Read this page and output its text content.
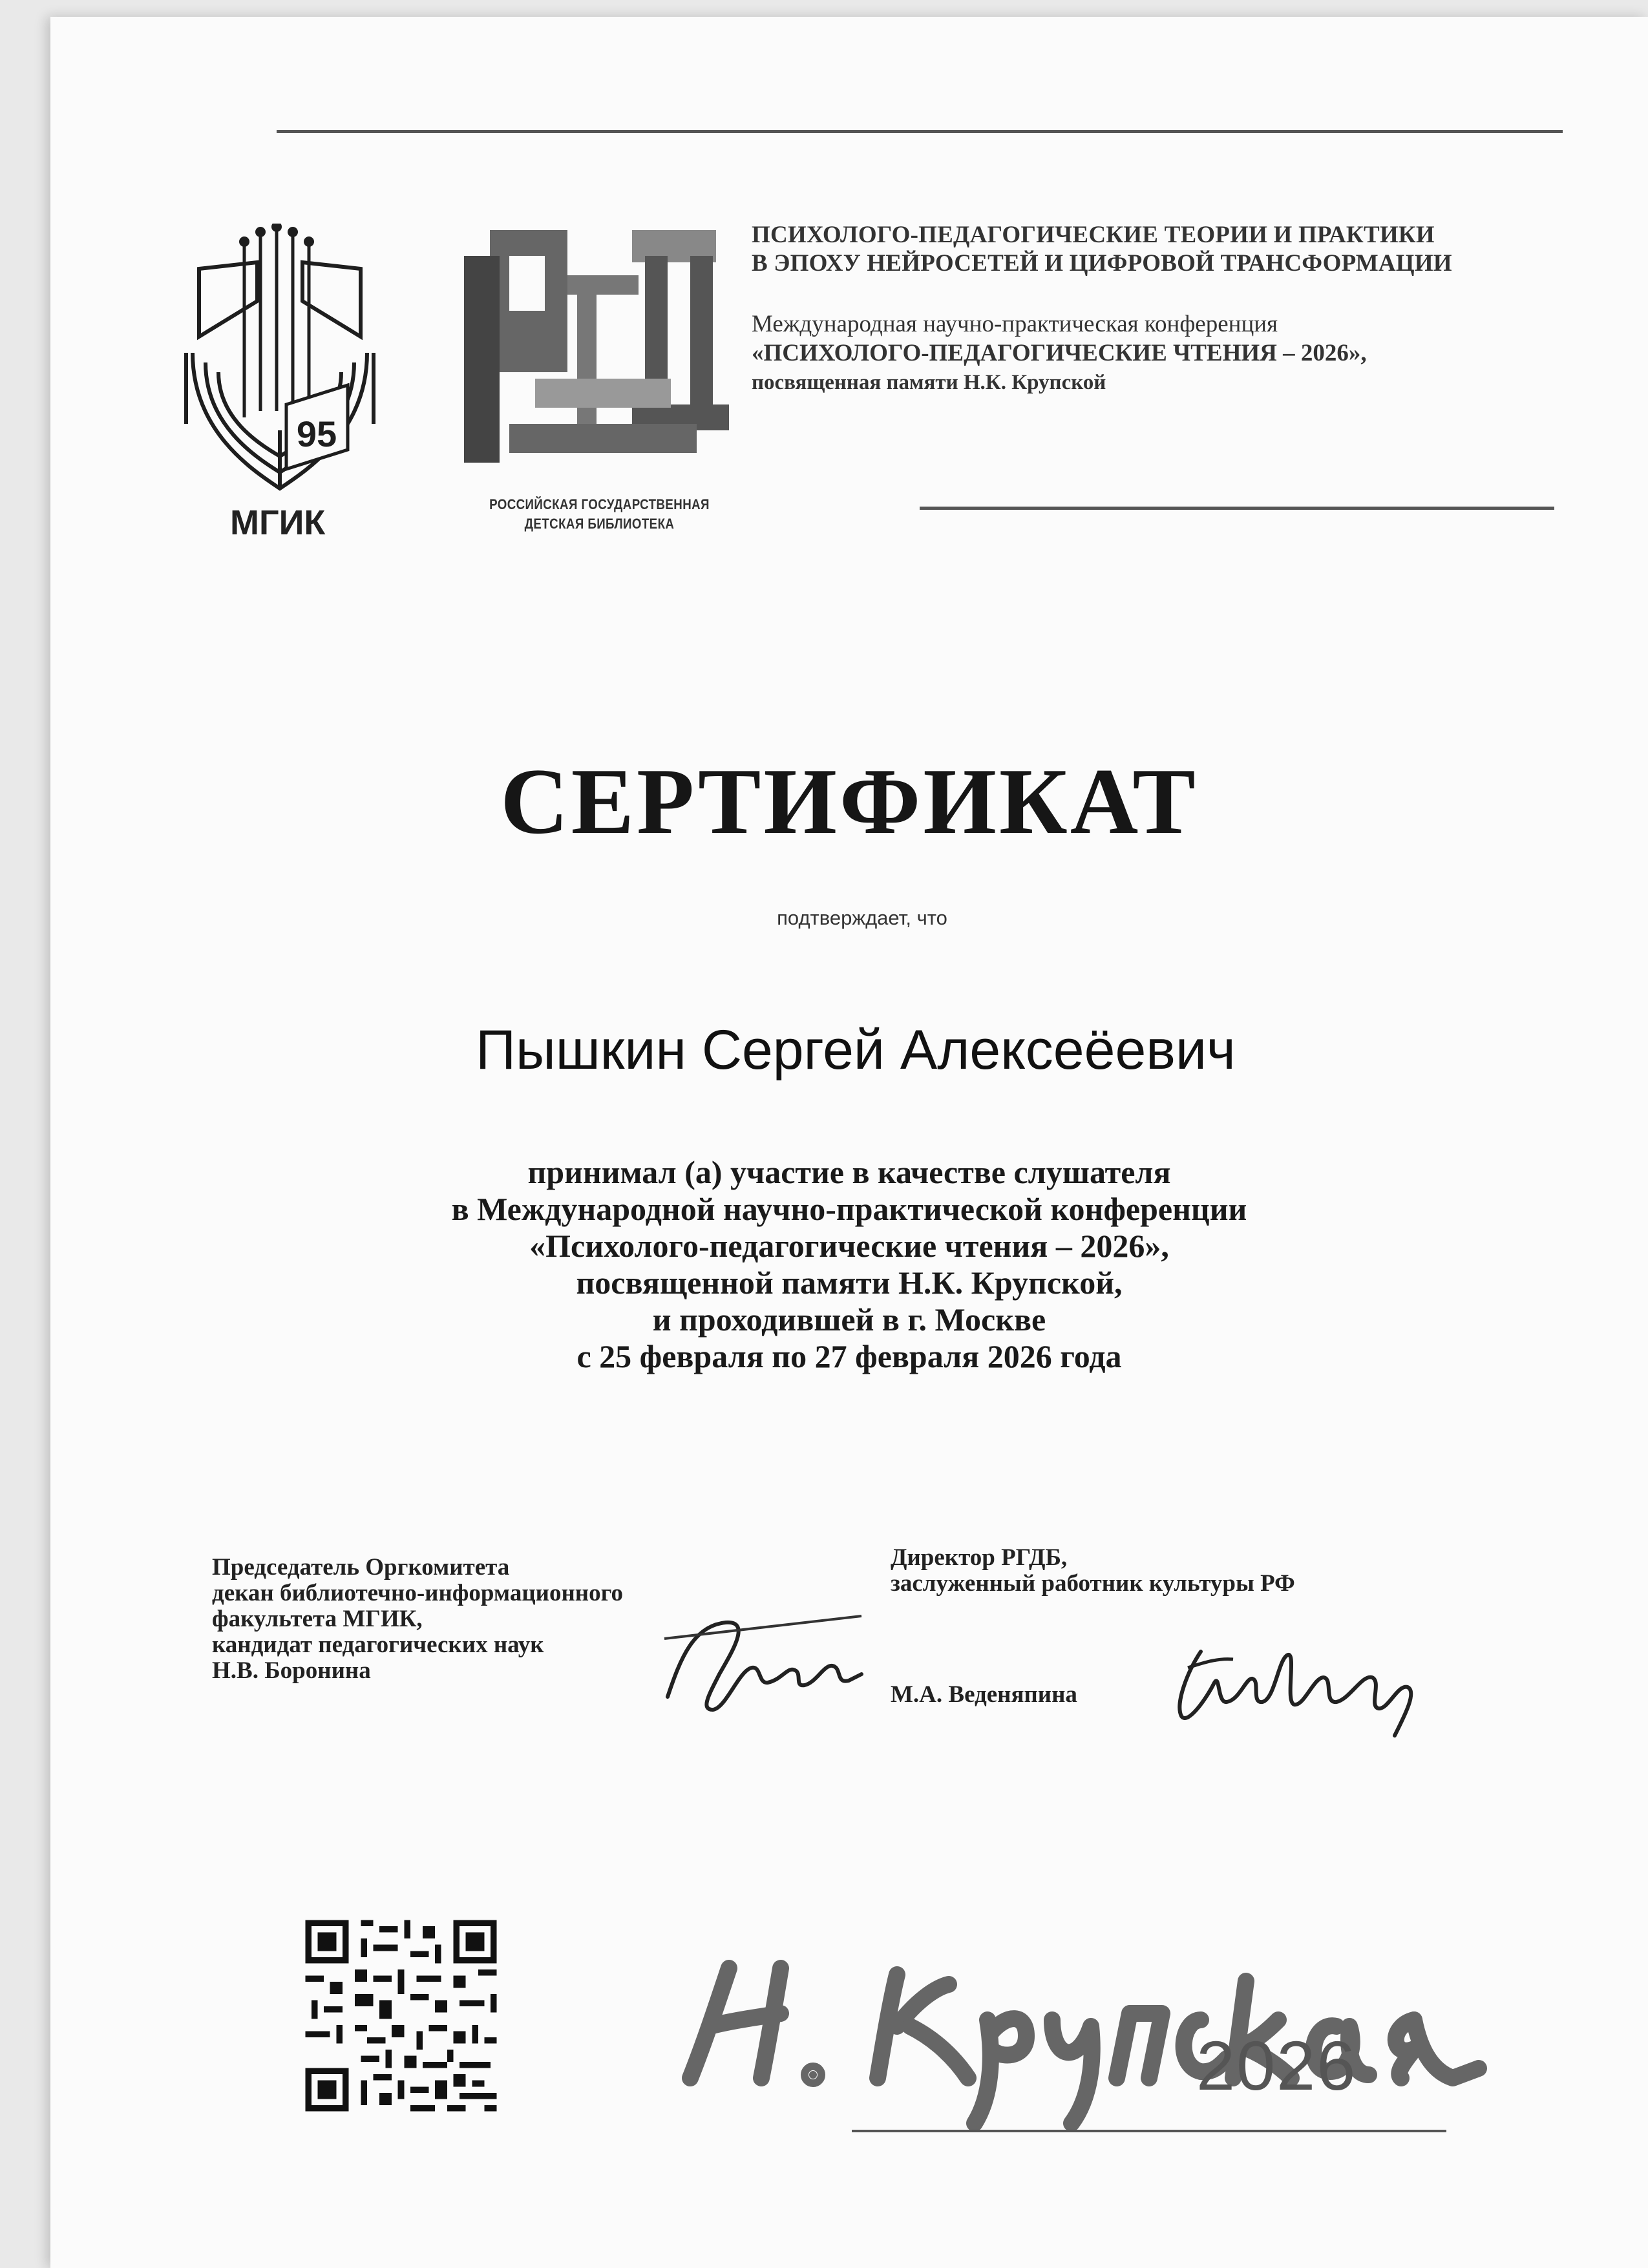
95
МГИК	РОССИЙСКАЯ ГОСУДАРСТВЕННАЯ
ДЕТСКАЯ БИБЛИОТЕКА
ПСИХОЛОГО-ПЕДАГОГИЧЕСКИЕ ТЕОРИИ И ПРАКТИКИ
В ЭПОХУ НЕЙРОСЕТЕЙ И ЦИФРОВОЙ ТРАНСФОРМАЦИИ
Международная научно-практическая конференция
«ПСИХОЛОГО-ПЕДАГОГИЧЕСКИЕ ЧТЕНИЯ – 2026»,
посвященная памяти Н.К. Крупской
СЕРТИФИКАТ
подтверждает, что
Пышкин Сергей Алексеёевич
принимал (а) участие в качестве слушателя
в Международной научно-практической конференции
«Психолого-педагогические чтения – 2026»,
посвященной памяти Н.К. Крупской,
и проходившей в г. Москве
с 25 февраля по 27 февраля 2026 года
Председатель Оргкомитета
декан библиотечно-информационного
факультета МГИК,
кандидат педагогических наук
Н.В. Боронина
Директор РГДБ,
заслуженный работник культуры РФ
М.А. Веденяпина
2026
